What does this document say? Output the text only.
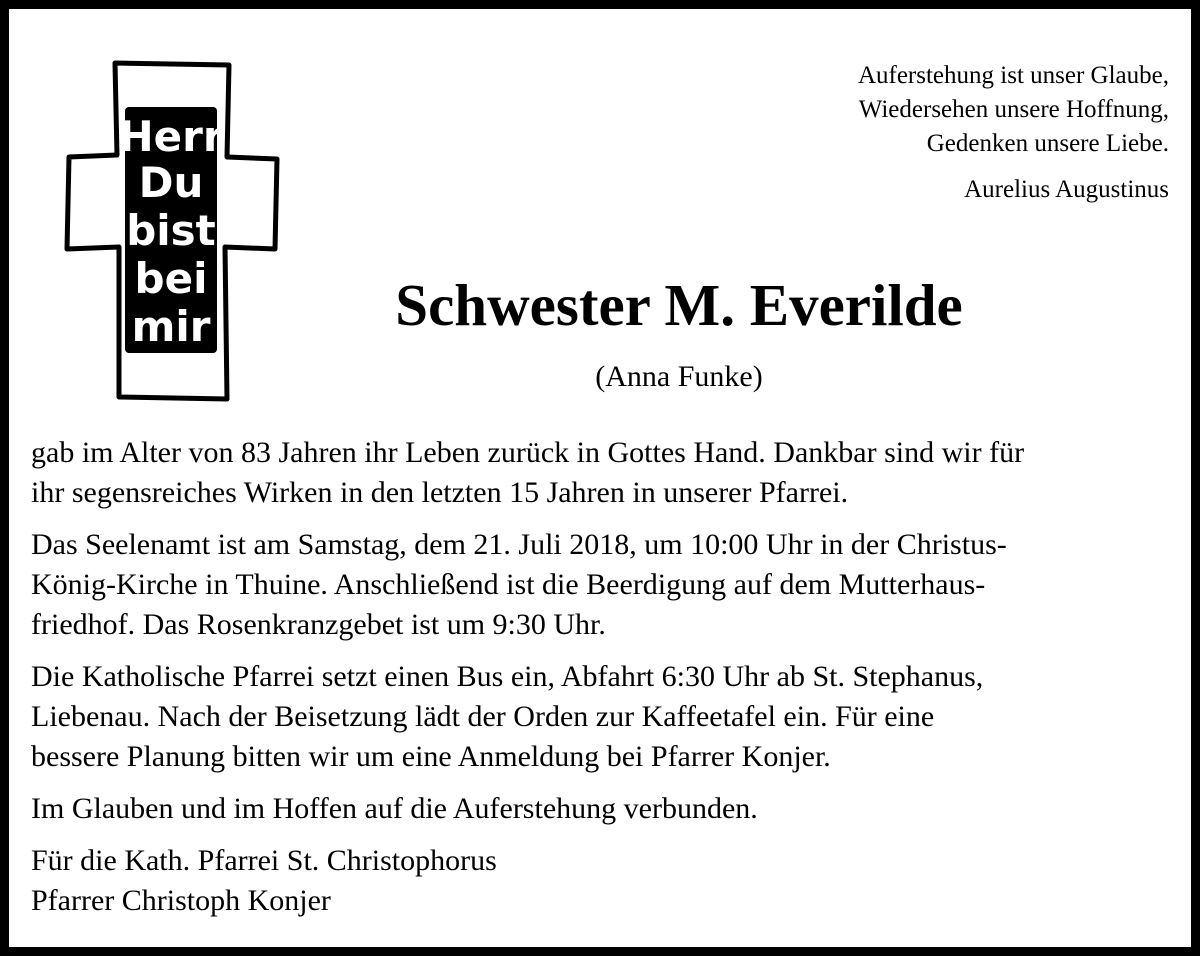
Herr
Du
bist
bei
mir
Auferstehung ist unser Glaube,
Wiedersehen unsere Hoffnung,
Gedenken unsere Liebe.
Aurelius Augustinus
Schwester M. Everilde
(Anna Funke)
gab im Alter von 83 Jahren ihr Leben zurück in Gottes Hand. Dankbar sind wir für
ihr segensreiches Wirken in den letzten 15 Jahren in unserer Pfarrei.
Das Seelenamt ist am Samstag, dem 21. Juli 2018, um 10:00 Uhr in der Christus-
König-Kirche in Thuine. Anschließend ist die Beerdigung auf dem Mutterhaus-
friedhof. Das Rosenkranzgebet ist um 9:30 Uhr.
Die Katholische Pfarrei setzt einen Bus ein, Abfahrt 6:30 Uhr ab St. Stephanus,
Liebenau. Nach der Beisetzung lädt der Orden zur Kaffeetafel ein. Für eine
bessere Planung bitten wir um eine Anmeldung bei Pfarrer Konjer.
Im Glauben und im Hoffen auf die Auferstehung verbunden.
Für die Kath. Pfarrei St. Christophorus
Pfarrer Christoph Konjer
